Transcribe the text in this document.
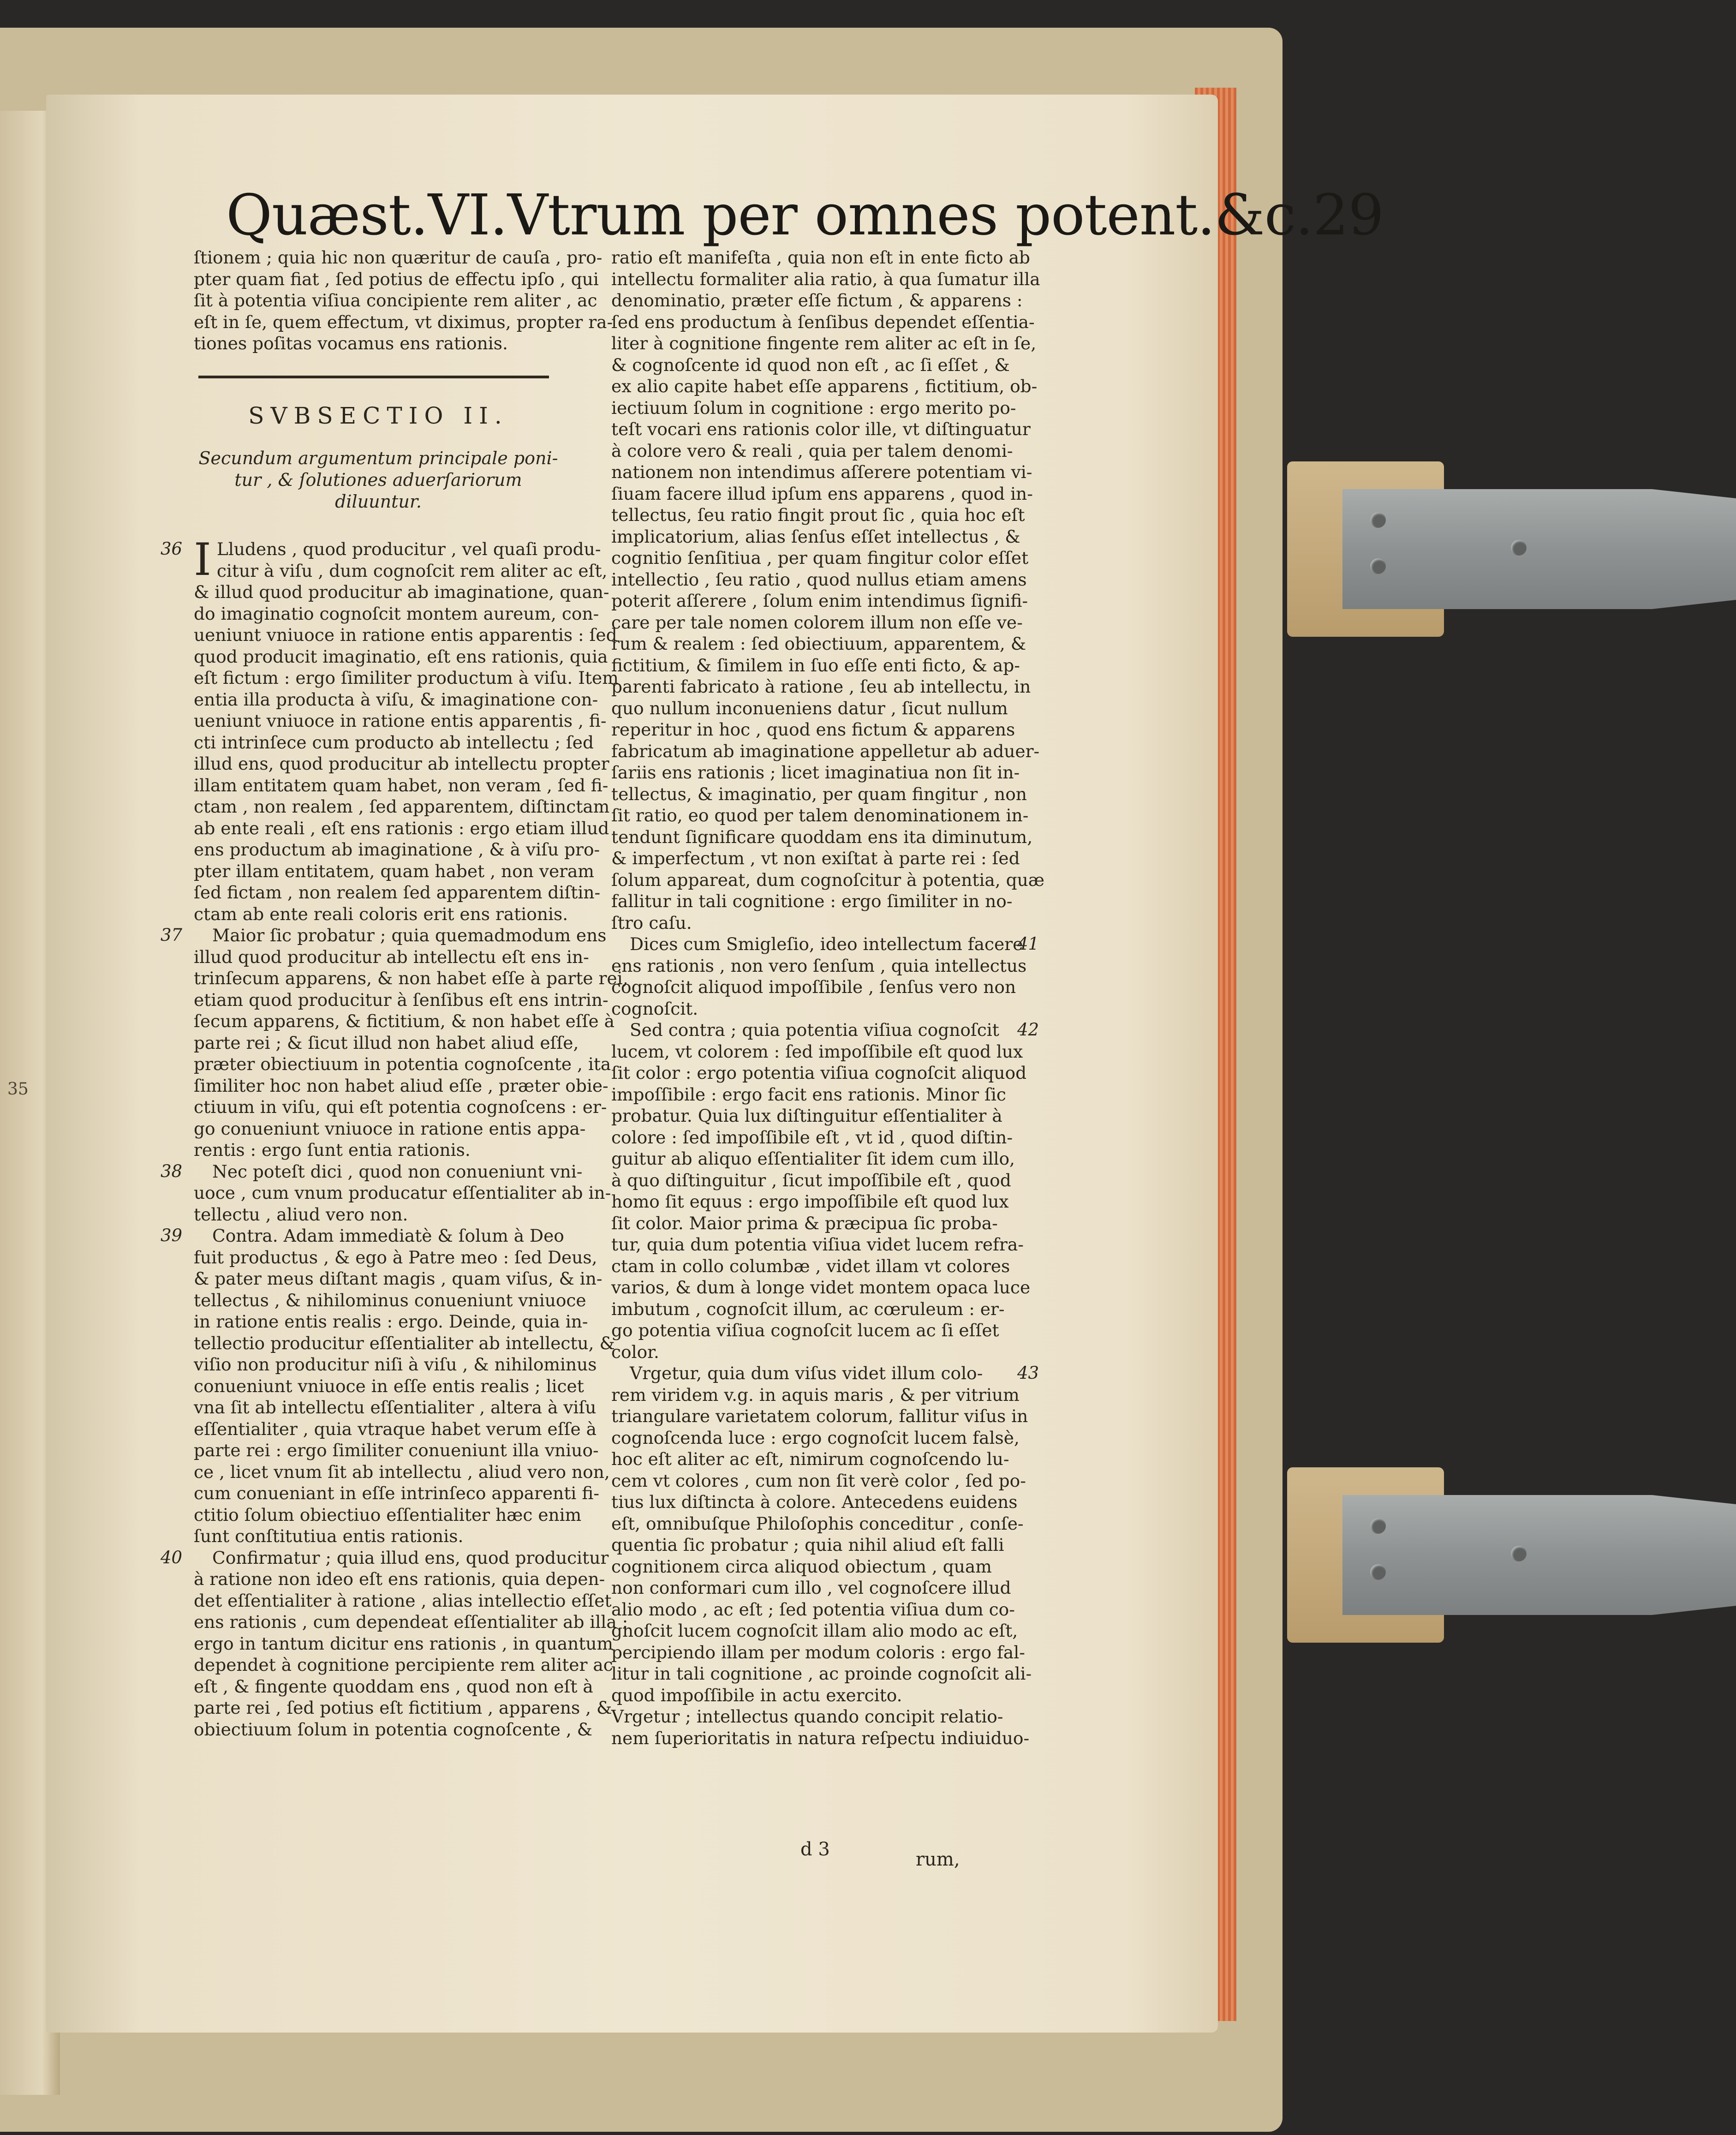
35
Quæst.VI.Vtrum per omnes potent.&c.29

ſtionem ; quia hic non quæritur de cauſa , pro-
pter quam fiat , ſed potius de effectu ipſo , qui
ſit à potentia viſiua concipiente rem aliter , ac
eſt in ſe, quem effectum, vt diximus, propter ra-
tiones poſitas vocamus ens rationis.

SVBSECTIO II.
Secundum argumentum principale poni-
tur , & ſolutiones aduerſariorum
diluuntur.
36 I Lludens , quod producitur , vel quaſi produ-
citur à viſu , dum cognoſcit rem aliter ac eſt,
& illud quod producitur ab imaginatione, quan-
do imaginatio cognoſcit montem aureum, con-
ueniunt vniuoce in ratione entis apparentis : ſed
quod producit imaginatio, eſt ens rationis, quia
eſt fictum : ergo ſimiliter productum à viſu. Item
entia illa producta à viſu, & imaginatione con-
ueniunt vniuoce in ratione entis apparentis , fi-
cti intrinſece cum producto ab intellectu ; ſed
illud ens, quod producitur ab intellectu propter
illam entitatem quam habet, non veram , ſed fi-
ctam , non realem , ſed apparentem, diſtinctam
ab ente reali , eſt ens rationis : ergo etiam illud
ens productum ab imaginatione , & à viſu pro-
pter illam entitatem, quam habet , non veram
ſed fictam , non realem ſed apparentem diſtin-
ctam ab ente reali coloris erit ens rationis.

37	Maior ſic probatur ; quia quemadmodum ens
illud quod producitur ab intellectu eſt ens in-
trinſecum apparens, & non habet eſſe à parte rei,
etiam quod producitur à ſenſibus eſt ens intrin-
ſecum apparens, & fictitium, & non habet eſſe à
parte rei ; & ſicut illud non habet aliud eſſe,
præter obiectiuum in potentia cognoſcente , ita
ſimiliter hoc non habet aliud eſſe , præter obie-
ctiuum in viſu, qui eſt potentia cognoſcens : er-
go conueniunt vniuoce in ratione entis appa-
rentis : ergo ſunt entia rationis.

38	Nec poteſt dici , quod non conueniunt vni-
uoce , cum vnum producatur eſſentialiter ab in-
tellectu , aliud vero non.

39	Contra. Adam immediatè & ſolum à Deo
fuit productus , & ego à Patre meo : ſed Deus,
& pater meus diſtant magis , quam viſus, & in-
tellectus , & nihilominus conueniunt vniuoce
in ratione entis realis : ergo. Deinde, quia in-
tellectio producitur eſſentialiter ab intellectu, &
viſio non producitur niſi à viſu , & nihilominus
conueniunt vniuoce in eſſe entis realis ; licet
vna ſit ab intellectu eſſentialiter , altera à viſu
eſſentialiter , quia vtraque habet verum eſſe à
parte rei : ergo ſimiliter conueniunt illa vniuo-
ce , licet vnum ſit ab intellectu , aliud vero non,
cum conueniant in eſſe intrinſeco apparenti fi-
ctitio ſolum obiectiuo eſſentialiter hæc enim
ſunt conſtitutiua entis rationis.

40	Confirmatur ; quia illud ens, quod producitur
à ratione non ideo eſt ens rationis, quia depen-
det eſſentialiter à ratione , alias intellectio eſſet
ens rationis , cum dependeat eſſentialiter ab illa :
ergo in tantum dicitur ens rationis , in quantum
dependet à cognitione percipiente rem aliter ac
eſt , & fingente quoddam ens , quod non eſt à
parte rei , ſed potius eſt fictitium , apparens , &
obiectiuum ſolum in potentia cognoſcente , &

ratio eſt manifeſta , quia non eſt in ente ficto ab
intellectu formaliter alia ratio, à qua ſumatur illa
denominatio, præter eſſe fictum , & apparens :
ſed ens productum à ſenſibus dependet eſſentia-
liter à cognitione fingente rem aliter ac eſt in ſe,
& cognoſcente id quod non eſt , ac ſi eſſet , &
ex alio capite habet eſſe apparens , fictitium, ob-
iectiuum ſolum in cognitione : ergo merito po-
teſt vocari ens rationis color ille, vt diſtinguatur
à colore vero & reali , quia per talem denomi-
nationem non intendimus aſſerere potentiam vi-
ſiuam facere illud ipſum ens apparens , quod in-
tellectus, ſeu ratio fingit prout ſic , quia hoc eſt
implicatorium, alias ſenſus eſſet intellectus , &
cognitio ſenſitiua , per quam fingitur color eſſet
intellectio , ſeu ratio , quod nullus etiam amens
poterit aſſerere , ſolum enim intendimus ſignifi-
care per tale nomen colorem illum non eſſe ve-
rum & realem : ſed obiectiuum, apparentem, &
fictitium, & ſimilem in ſuo eſſe enti ficto, & ap-
parenti fabricato à ratione , ſeu ab intellectu, in
quo nullum inconueniens datur , ſicut nullum
reperitur in hoc , quod ens fictum & apparens
fabricatum ab imaginatione appelletur ab aduer-
ſariis ens rationis ; licet imaginatiua non ſit in-
tellectus, & imaginatio, per quam fingitur , non
ſit ratio, eo quod per talem denominationem in-
tendunt ſignificare quoddam ens ita diminutum,
& imperfectum , vt non exiſtat à parte rei : ſed
ſolum appareat, dum cognoſcitur à potentia, quæ
fallitur in tali cognitione : ergo ſimiliter in no-
ſtro caſu.

41

Dices cum Smigleſio, ideo intellectum facere
ens rationis , non vero ſenſum , quia intellectus
cognoſcit aliquod impoſſibile , ſenſus vero non
cognoſcit.

42

Sed contra ; quia potentia viſiua cognoſcit
lucem, vt colorem : ſed impoſſibile eſt quod lux
ſit color : ergo potentia viſiua cognoſcit aliquod
impoſſibile : ergo facit ens rationis. Minor ſic
probatur. Quia lux diſtinguitur eſſentialiter à
colore : ſed impoſſibile eſt , vt id , quod diſtin-
guitur ab aliquo eſſentialiter ſit idem cum illo,
à quo diſtinguitur , ſicut impoſſibile eſt , quod
homo ſit equus : ergo impoſſibile eſt quod lux
ſit color. Maior prima & præcipua ſic proba-
tur, quia dum potentia viſiua videt lucem refra-
ctam in collo columbæ , videt illam vt colores
varios, & dum à longe videt montem opaca luce
imbutum , cognoſcit illum, ac cœruleum : er-
go potentia viſiua cognoſcit lucem ac ſi eſſet
color.

43

Vrgetur, quia dum viſus videt illum colo-
rem viridem v.g. in aquis maris , & per vitrium
triangulare varietatem colorum, fallitur viſus in
cognoſcenda luce : ergo cognoſcit lucem falsè,
hoc eſt aliter ac eſt, nimirum cognoſcendo lu-
cem vt colores , cum non ſit verè color , ſed po-
tius lux diſtincta à colore. Antecedens euidens
eſt, omnibuſque Philoſophis conceditur , conſe-
quentia ſic probatur ; quia nihil aliud eſt falli
cognitionem circa aliquod obiectum , quam
non conformari cum illo , vel cognoſcere illud
alio modo , ac eſt ; ſed potentia viſiua dum co-
gnoſcit lucem cognoſcit illam alio modo ac eſt,
percipiendo illam per modum coloris : ergo fal-
litur in tali cognitione , ac proinde cognoſcit ali-
quod impoſſibile in actu exercito.

Vrgetur ; intellectus quando concipit relatio-
nem ſuperioritatis in natura reſpectu indiuiduo-

d 3	rum,
